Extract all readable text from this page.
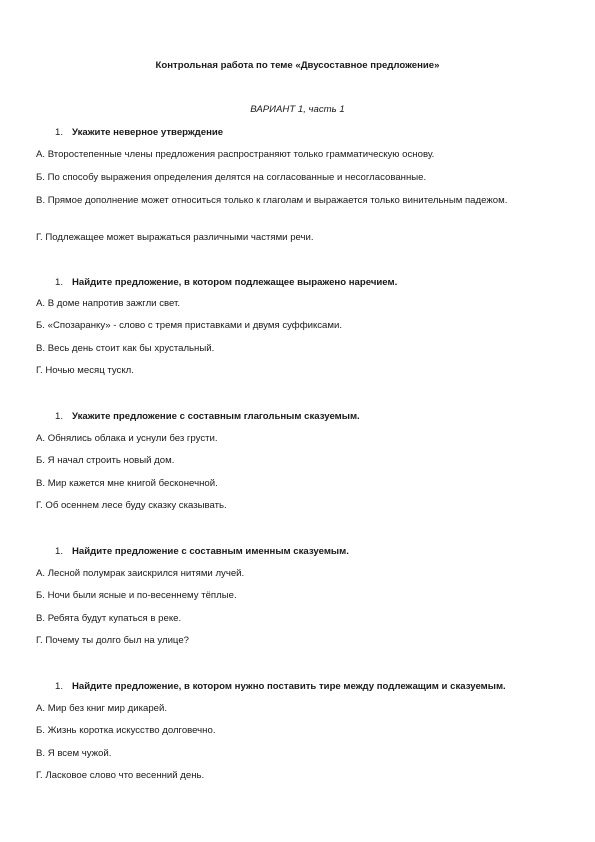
Контрольная работа по теме «Двусоставное предложение»
ВАРИАНТ 1, часть 1
1. Укажите неверное утверждение
А. Второстепенные члены предложения распространяют только грамматическую основу.
Б. По способу выражения определения делятся на согласованные и несогласованные.
В. Прямое дополнение может относиться только к глаголам и выражается только винительным падежом.
Г. Подлежащее может выражаться различными частями речи.
1. Найдите предложение, в котором подлежащее выражено наречием.
А. В доме напротив зажгли свет.
Б. «Спозаранку» - слово с тремя приставками и двумя суффиксами.
В. Весь день стоит как бы хрустальный.
Г. Ночью месяц тускл.
1. Укажите предложение с составным глагольным сказуемым.
А. Обнялись облака и уснули без грусти.
Б. Я начал строить новый дом.
В. Мир кажется мне книгой бесконечной.
Г. Об осеннем лесе буду сказку сказывать.
1. Найдите предложение с составным именным сказуемым.
А. Лесной полумрак заискрился нитями лучей.
Б. Ночи были ясные и по-весеннему тёплые.
В. Ребята будут купаться в реке.
Г. Почему ты долго был на улице?
1. Найдите предложение, в котором нужно поставить тире между подлежащим и сказуемым.
А. Мир без книг мир дикарей.
Б. Жизнь коротка искусство долговечно.
В. Я всем чужой.
Г. Ласковое слово что весенний день.
